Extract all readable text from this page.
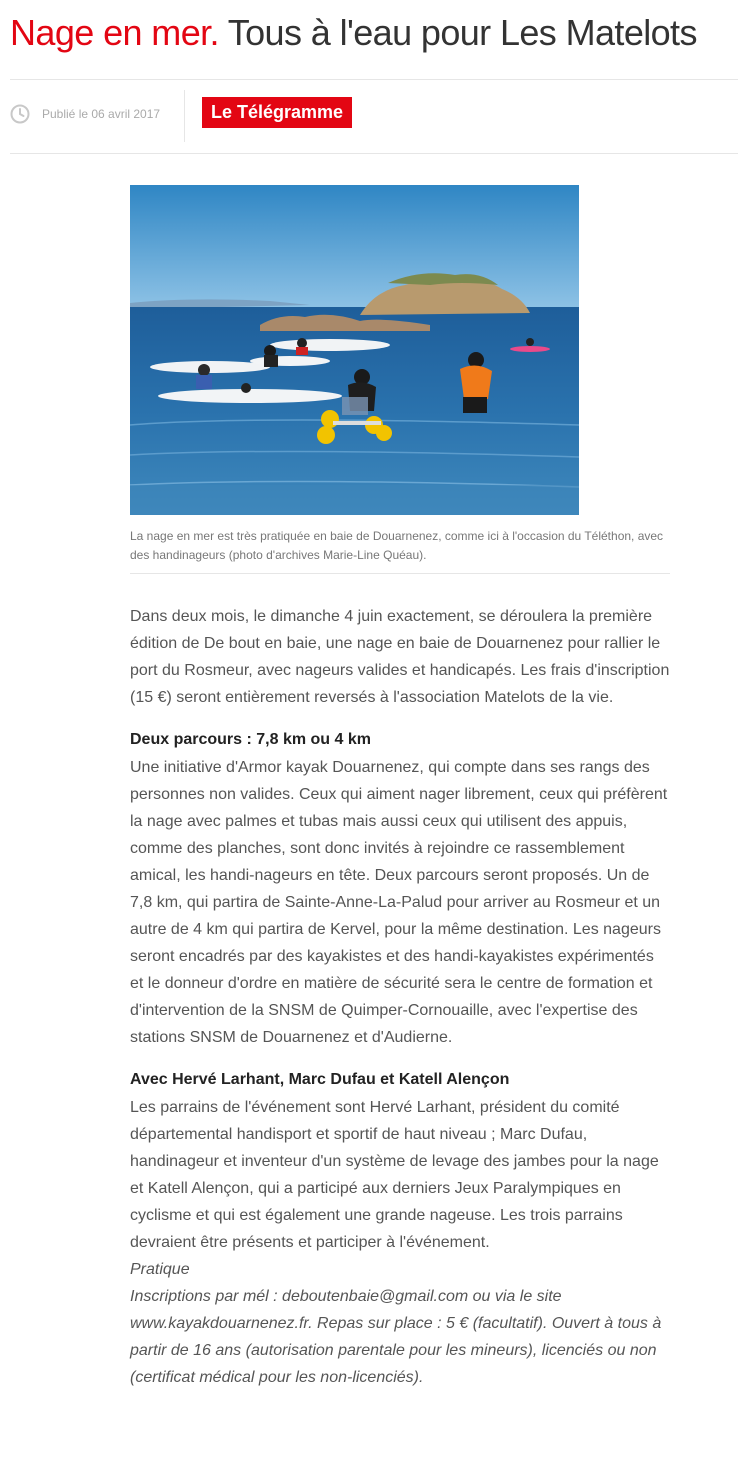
Nage en mer. Tous à l'eau pour Les Matelots
Publié le 06 avril 2017	Le Télégramme
La nage en mer est très pratiquée en baie de Douarnenez, comme ici à l'occasion du Téléthon, avec des handinageurs (photo d'archives Marie-Line Quéau).

Dans deux mois, le dimanche 4 juin exactement, se déroulera la première édition de De bout en baie, une nage en baie de Douarnenez pour rallier le port du Rosmeur, avec nageurs valides et handicapés. Les frais d'inscription (15 €) seront entièrement reversés à l'association Matelots de la vie.

Deux parcours : 7,8 km ou 4 km

Une initiative d'Armor kayak Douarnenez, qui compte dans ses rangs des personnes non valides. Ceux qui aiment nager librement, ceux qui préfèrent la nage avec palmes et tubas mais aussi ceux qui utilisent des appuis, comme des planches, sont donc invités à rejoindre ce rassemblement amical, les handi-nageurs en tête. Deux parcours seront proposés. Un de 7,8 km, qui partira de Sainte-Anne-La-Palud pour arriver au Rosmeur et un autre de 4 km qui partira de Kervel, pour la même destination. Les nageurs seront encadrés par des kayakistes et des handi-kayakistes expérimentés et le donneur d'ordre en matière de sécurité sera le centre de formation et d'intervention de la SNSM de Quimper-Cornouaille, avec l'expertise des stations SNSM de Douarnenez et d'Audierne.

Avec Hervé Larhant, Marc Dufau et Katell Alençon

Les parrains de l'événement sont Hervé Larhant, président du comité départemental handisport et sportif de haut niveau ; Marc Dufau, handinageur et inventeur d'un système de levage des jambes pour la nage et Katell Alençon, qui a participé aux derniers Jeux Paralympiques en cyclisme et qui est également une grande nageuse. Les trois parrains devraient être présents et participer à l'événement.

Pratique

Inscriptions par mél : deboutenbaie@gmail.com ou via le site www.kayakdouarnenez.fr. Repas sur place : 5 € (facultatif). Ouvert à tous à partir de 16 ans (autorisation parentale pour les mineurs), licenciés ou non (certificat médical pour les non-licenciés).
